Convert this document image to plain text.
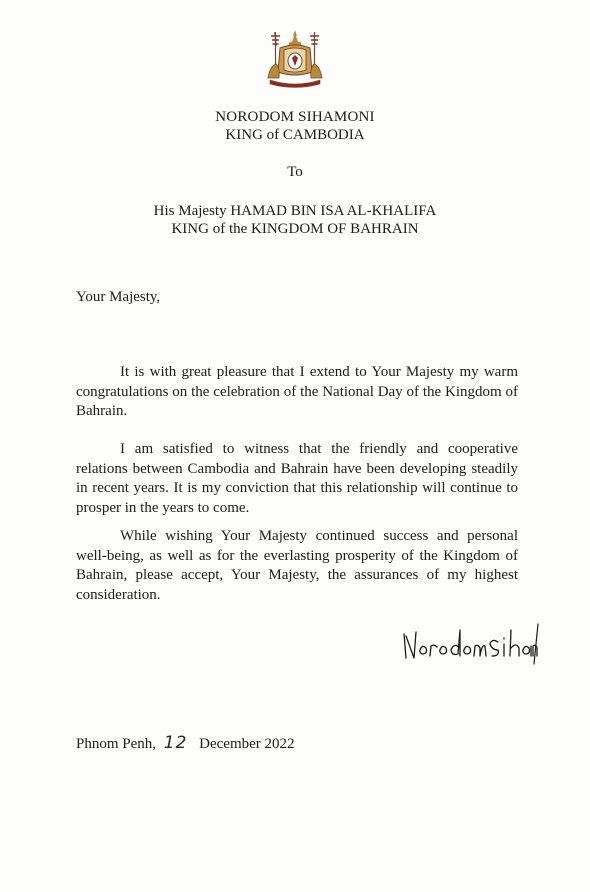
NORODOM SIHAMONI
KING of CAMBODIA
To
His Majesty HAMAD BIN ISA AL-KHALIFA
KING of the KINGDOM OF BAHRAIN
Your Majesty,

It is with great pleasure that I extend to Your Majesty my warm congratulations on the celebration of the National Day of the Kingdom of Bahrain.

I am satisfied to witness that the friendly and cooperative relations between Cambodia and Bahrain have been developing steadily in recent years. It is my conviction that this relationship will continue to prosper in the years to come.

While wishing Your Majesty continued success and personal well-being, as well as for the everlasting prosperity of the Kingdom of Bahrain, please accept, Your Majesty, the assurances of my highest consideration.

Phnom Penh, 12 December 2022
